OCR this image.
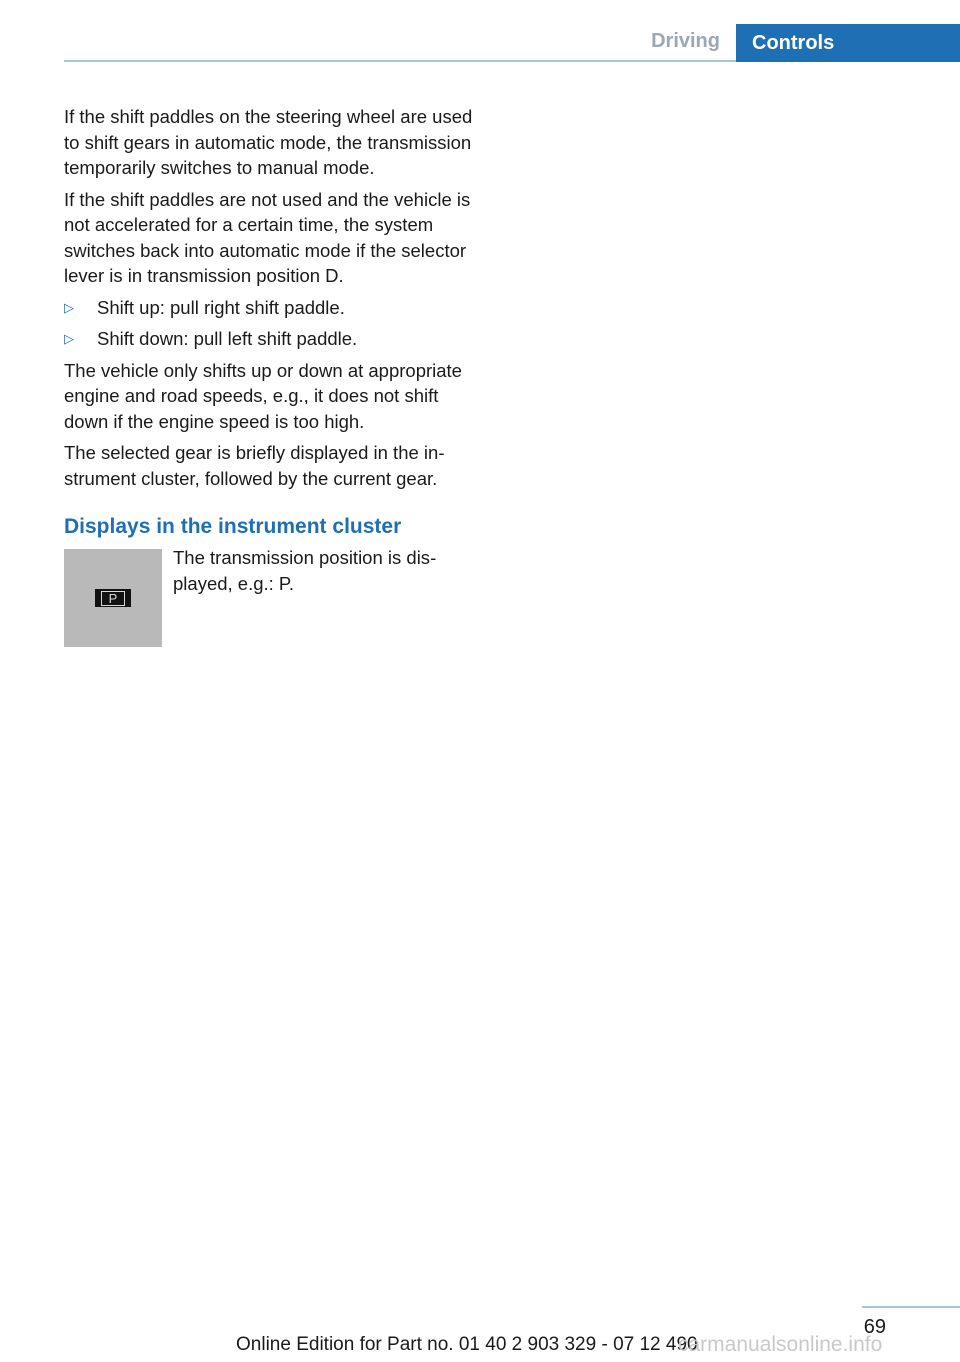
Driving	Controls

If the shift paddles on the steering wheel are used to shift gears in automatic mode, the transmission temporarily switches to manual mode.

If the shift paddles are not used and the vehicle is not accelerated for a certain time, the system switches back into automatic mode if the selector lever is in transmission position D.

▷	Shift up: pull right shift paddle.
▷	Shift down: pull left shift paddle.

The vehicle only shifts up or down at appropriate engine and road speeds, e.g., it does not shift down if the engine speed is too high.

The selected gear is briefly displayed in the instrument cluster, followed by the current gear.

Displays in the instrument cluster
P
The transmission position is displayed, e.g.: P.
69
Online Edition for Part no. 01 40 2 903 329 - 07 12 490
carmanualsonline.info
